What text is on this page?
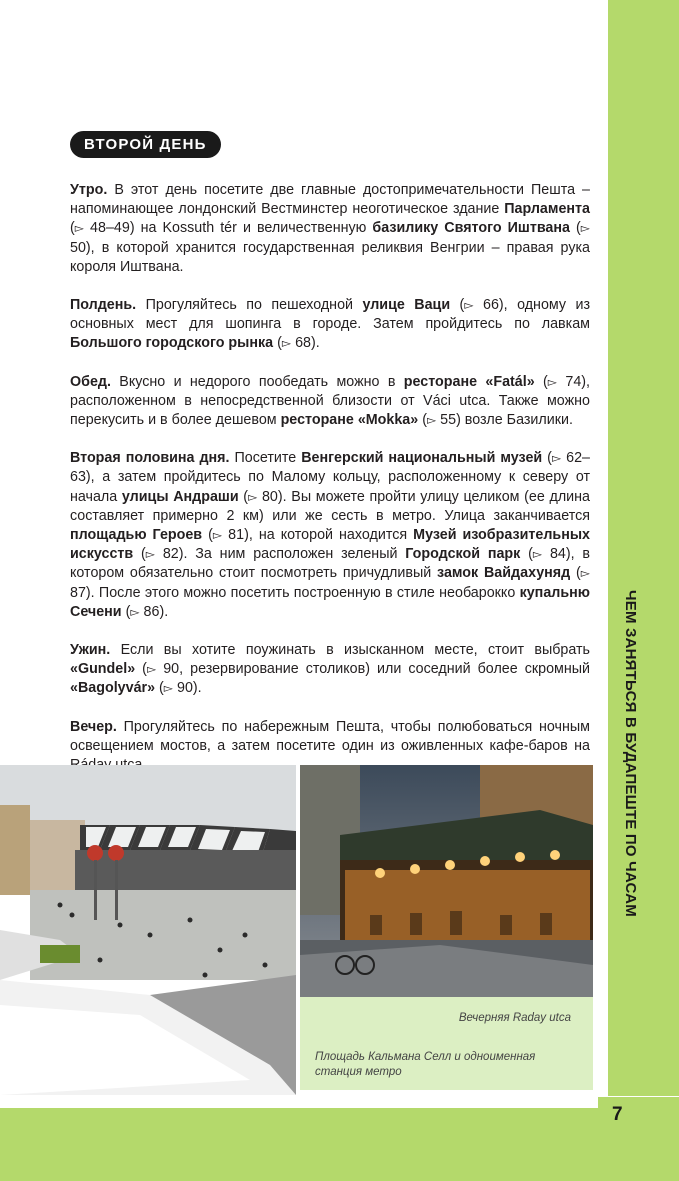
ЧЕМ ЗАНЯТЬСЯ В БУДАПЕШТЕ ПО ЧАСАМ
7
ВТОРОЙ ДЕНЬ

Утро. В этот день посетите две главные достопримечательности Пешта – напоминающее лондонский Вестминстер неоготическое здание Парламента (▻ 48–49) на Kossuth tér и величественную базилику Святого Иштвана (▻ 50), в которой хранится государственная реликвия Венгрии – правая рука короля Иштвана.

Полдень. Прогуляйтесь по пешеходной улице Ваци (▻ 66), одному из основных мест для шопинга в городе. Затем пройдитесь по лавкам Большого городского рынка (▻ 68).

Обед. Вкусно и недорого пообедать можно в ресторане «Fatál» (▻ 74), расположенном в непосредственной близости от Váci utca. Также можно перекусить и в более дешевом ресторане «Mokka» (▻ 55) возле Базилики.

Вторая половина дня. Посетите Венгерский национальный музей (▻ 62–63), а затем пройдитесь по Малому кольцу, расположенному к северу от начала улицы Андраши (▻ 80). Вы можете пройти улицу целиком (ее длина составляет примерно 2 км) или же сесть в метро. Улица заканчивается площадью Героев (▻ 81), на которой находится Музей изобразительных искусств (▻ 82). За ним расположен зеленый Городской парк (▻ 84), в котором обязательно стоит посмотреть причудливый замок Вайдахуняд (▻ 87). После этого можно посетить построенную в стиле необарокко купальню Сечени (▻ 86).

Ужин. Если вы хотите поужинать в изысканном месте, стоит выбрать «Gundel» (▻ 90, резервирование столиков) или соседний более скромный «Bagolyvár» (▻ 90).

Вечер. Прогуляйтесь по набережным Пешта, чтобы полюбоваться ночным освещением мостов, а затем посетите один из оживленных кафе-баров на

Вечерняя Raday utca
Площадь Кальмана Селл и одноименная станция метро
